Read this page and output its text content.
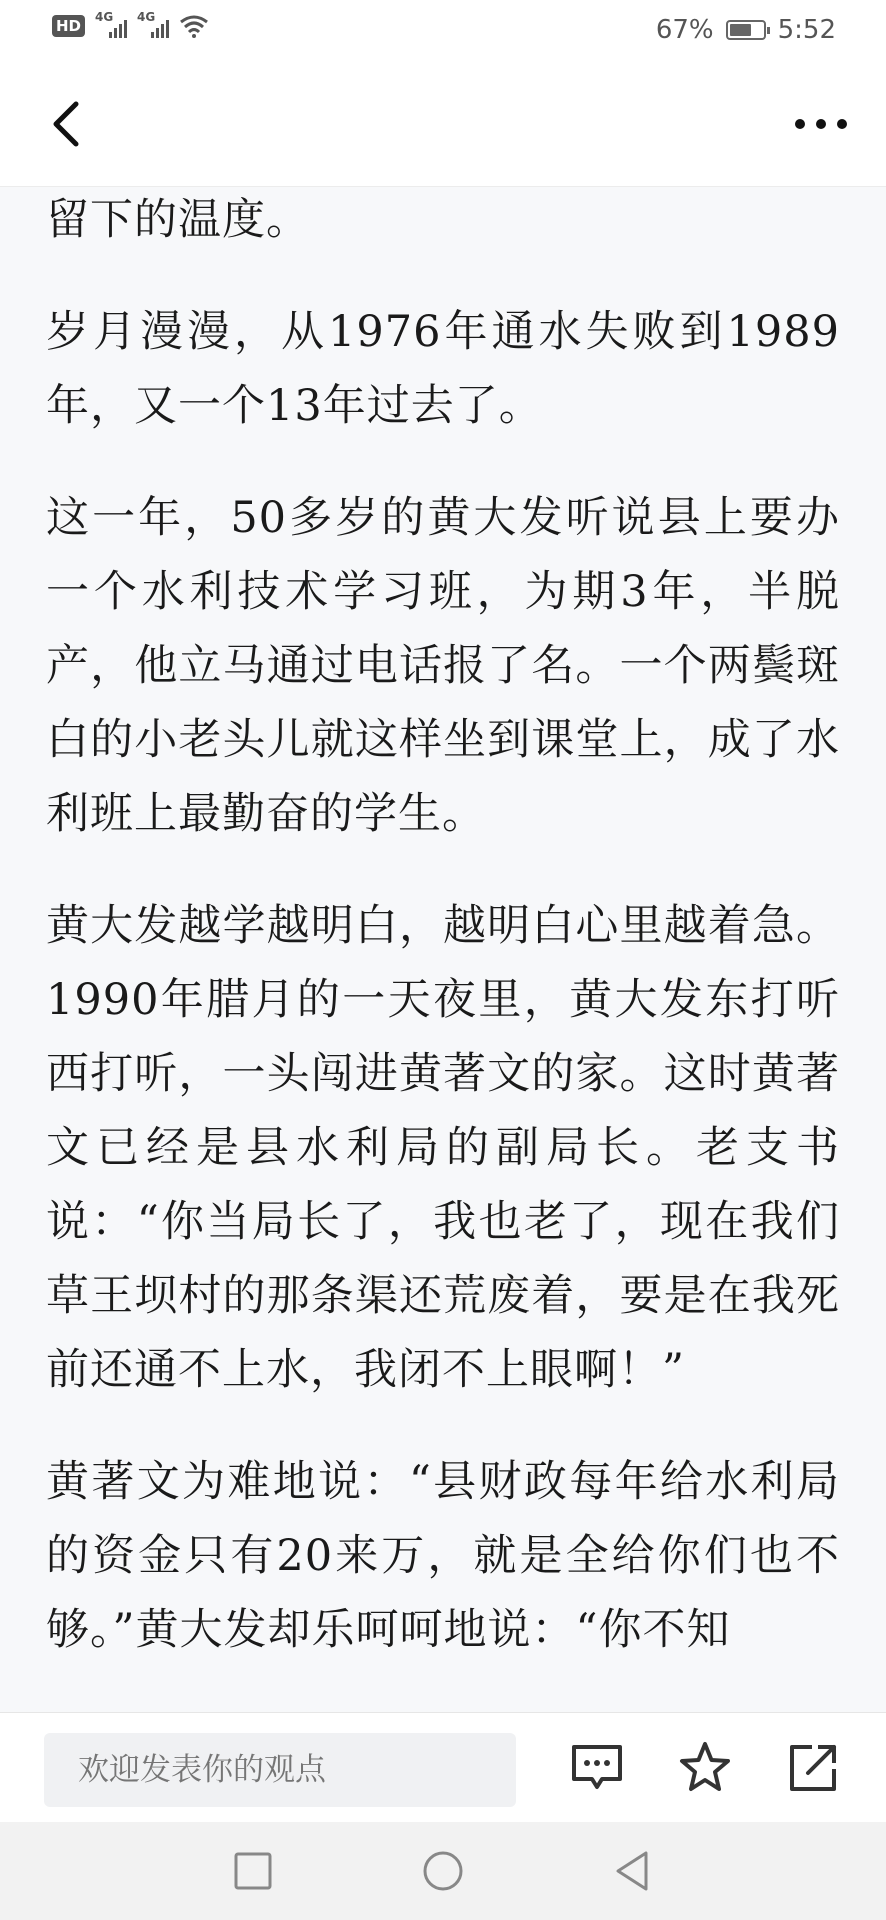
HD	4G 4G	67% 5:52

留下的温度。

岁月漫漫，从1976年通水失败到1989年，又一个13年过去了。

这一年，50多岁的黄大发听说县上要办一个水利技术学习班，为期3年，半脱产，他立马通过电话报了名。一个两鬓斑白的小老头儿就这样坐到课堂上，成了水利班上最勤奋的学生。

黄大发越学越明白，越明白心里越着急。1990年腊月的一天夜里，黄大发东打听西打听，一头闯进黄著文的家。这时黄著文已经是县水利局的副局长。老支书说：“你当局长了，我也老了，现在我们草王坝村的那条渠还荒废着，要是在我死前还通不上水，我闭不上眼啊！”

黄著文为难地说：“县财政每年给水利局的资金只有20来万，就是全给你们也不够。”黄大发却乐呵呵地说：“你不知

欢迎发表你的观点
